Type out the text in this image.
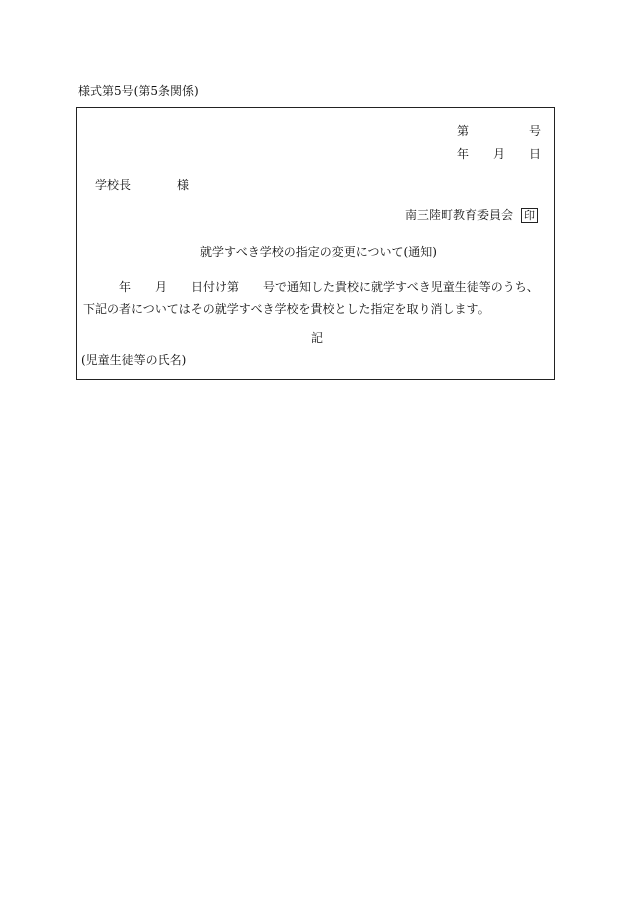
様式第5号(第5条関係)
第	号
年 月 日
学校長	様
南三陸町教育委員会 印
就学すべき学校の指定の変更について(通知)
年　　月　　日付け第　　号で通知した貴校に就学すべき児童生徒等のうち、下記の者についてはその就学すべき学校を貴校とした指定を取り消します。
記
(児童生徒等の氏名)
